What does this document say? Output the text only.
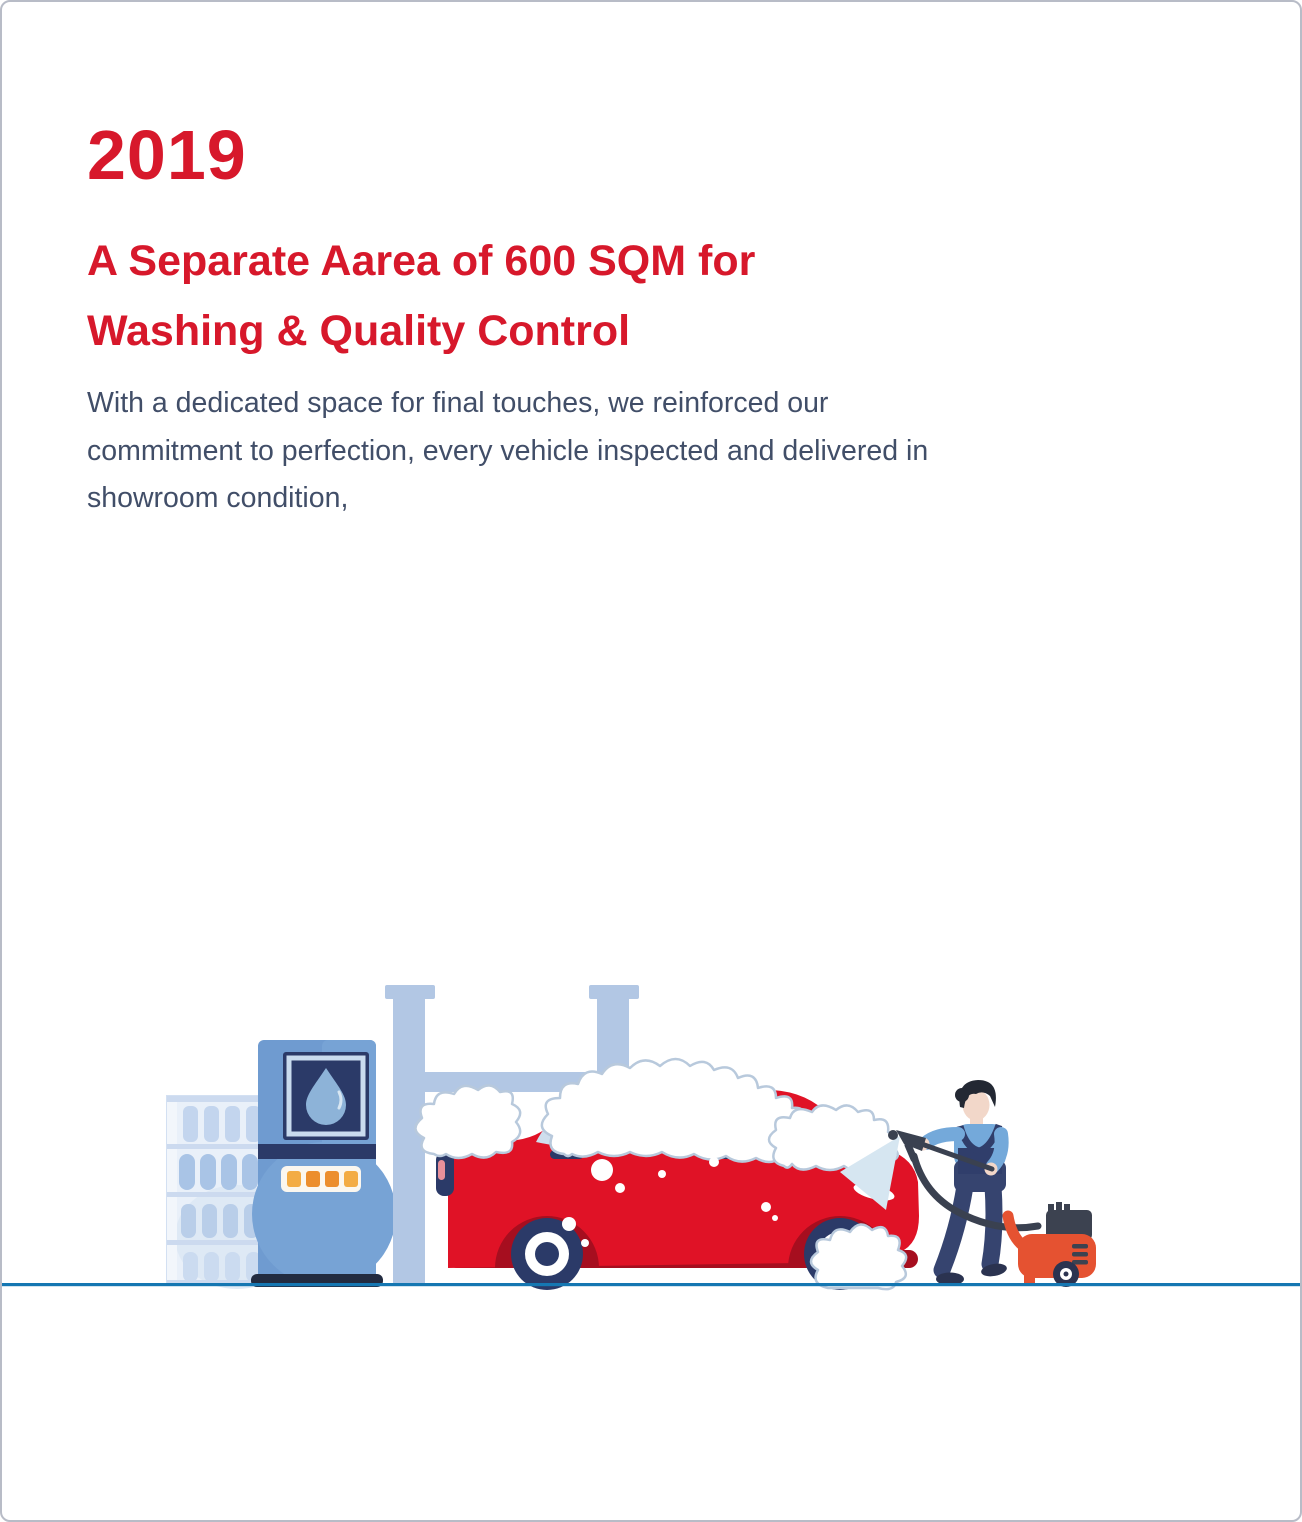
2019
A Separate Aarea of 600 SQM for
Washing & Quality Control

With a dedicated space for final touches, we reinforced our commitment to perfection, every vehicle inspected and delivered in showroom condition,
